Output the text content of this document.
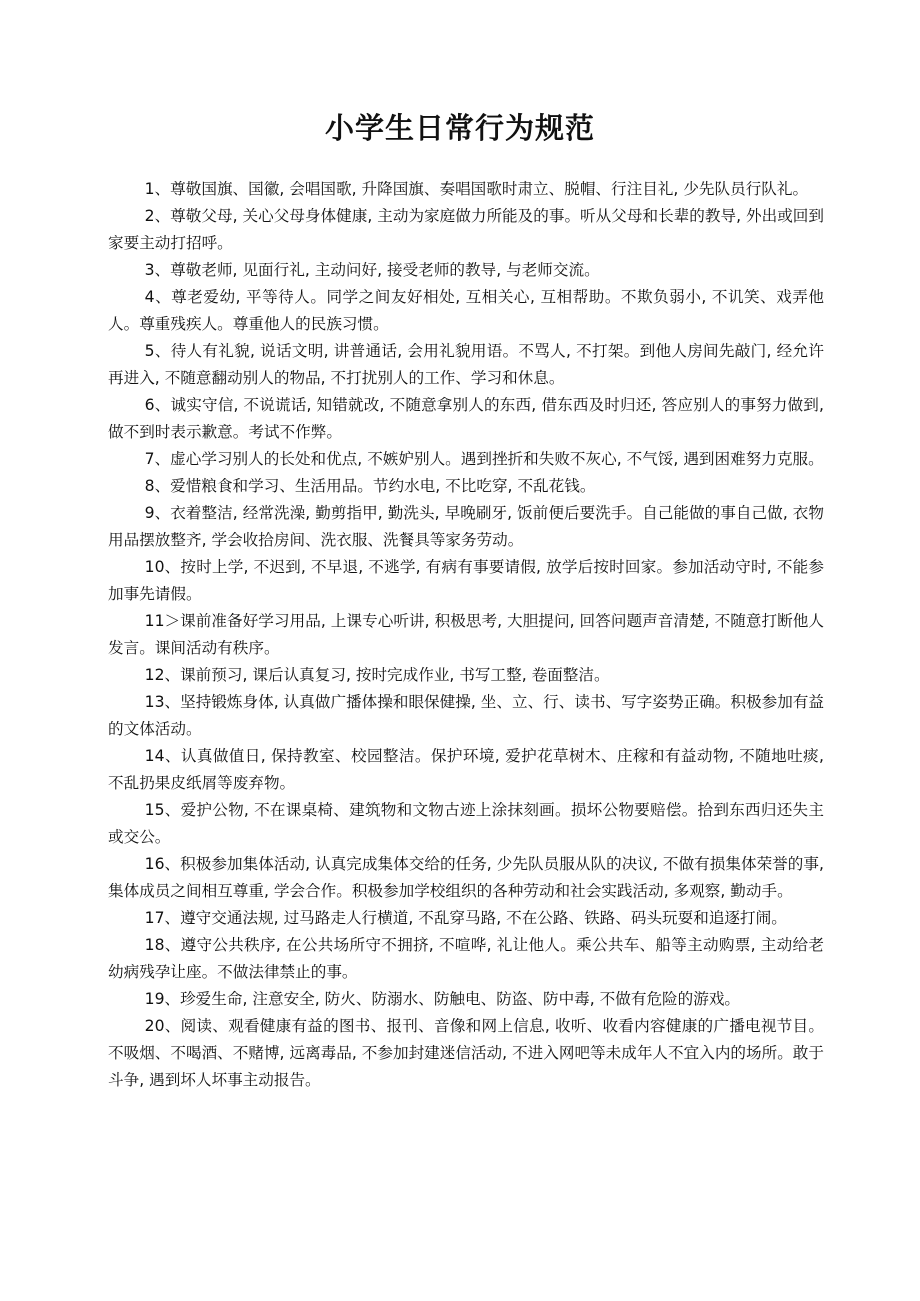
小学生日常行为规范
1、尊敬国旗、国徽, 会唱国歌, 升降国旗、奏唱国歌时肃立、脱帽、行注目礼, 少先队员行队礼。
2、尊敬父母, 关心父母身体健康, 主动为家庭做力所能及的事。听从父母和长辈的教导, 外出或回到家要主动打招呼。
3、尊敬老师, 见面行礼, 主动问好, 接受老师的教导, 与老师交流。
4、尊老爱幼, 平等待人。同学之间友好相处, 互相关心, 互相帮助。不欺负弱小, 不讥笑、戏弄他人。尊重残疾人。尊重他人的民族习惯。
5、待人有礼貌, 说话文明, 讲普通话, 会用礼貌用语。不骂人, 不打架。到他人房间先敲门, 经允许再进入, 不随意翻动别人的物品, 不打扰别人的工作、学习和休息。
6、诚实守信, 不说谎话, 知错就改, 不随意拿别人的东西, 借东西及时归还, 答应别人的事努力做到, 做不到时表示歉意。考试不作弊。
7、虚心学习别人的长处和优点, 不嫉妒别人。遇到挫折和失败不灰心, 不气馁, 遇到困难努力克服。
8、爱惜粮食和学习、生活用品。节约水电, 不比吃穿, 不乱花钱。
9、衣着整洁, 经常洗澡, 勤剪指甲, 勤洗头, 早晚刷牙, 饭前便后要洗手。自己能做的事自己做, 衣物用品摆放整齐, 学会收拾房间、洗衣服、洗餐具等家务劳动。
10、按时上学, 不迟到, 不早退, 不逃学, 有病有事要请假, 放学后按时回家。参加活动守时, 不能参加事先请假。
11＞课前准备好学习用品, 上课专心听讲, 积极思考, 大胆提问, 回答问题声音清楚, 不随意打断他人发言。课间活动有秩序。
12、课前预习, 课后认真复习, 按时完成作业, 书写工整, 卷面整洁。
13、坚持锻炼身体, 认真做广播体操和眼保健操, 坐、立、行、读书、写字姿势正确。积极参加有益的文体活动。
14、认真做值日, 保持教室、校园整洁。保护环境, 爱护花草树木、庄稼和有益动物, 不随地吐痰, 不乱扔果皮纸屑等废弃物。
15、爱护公物, 不在课桌椅、建筑物和文物古迹上涂抹刻画。损坏公物要赔偿。拾到东西归还失主或交公。
16、积极参加集体活动, 认真完成集体交给的任务, 少先队员服从队的决议, 不做有损集体荣誉的事, 集体成员之间相互尊重, 学会合作。积极参加学校组织的各种劳动和社会实践活动, 多观察, 勤动手。
17、遵守交通法规, 过马路走人行横道, 不乱穿马路, 不在公路、铁路、码头玩耍和追逐打闹。
18、遵守公共秩序, 在公共场所守不拥挤, 不喧哗, 礼让他人。乘公共车、船等主动购票, 主动给老幼病残孕让座。不做法律禁止的事。
19、珍爱生命, 注意安全, 防火、防溺水、防触电、防盗、防中毒, 不做有危险的游戏。
20、阅读、观看健康有益的图书、报刊、音像和网上信息, 收听、收看内容健康的广播电视节目。不吸烟、不喝酒、不赌博, 远离毒品, 不参加封建迷信活动, 不进入网吧等未成年人不宜入内的场所。敢于斗争, 遇到坏人坏事主动报告。
